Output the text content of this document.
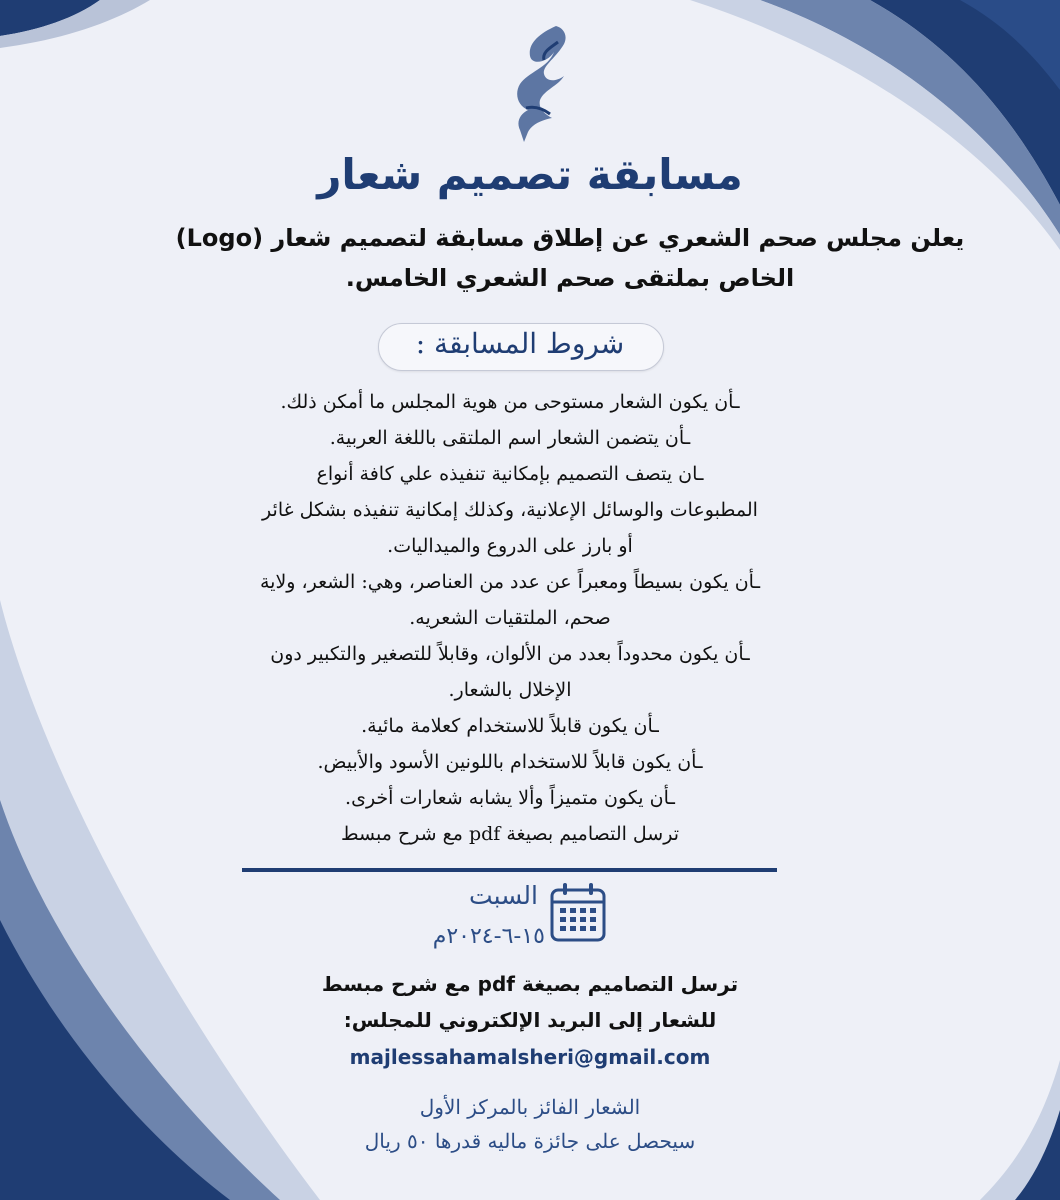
مسابقة تصميم شعار

يعلن مجلس صحم الشعري عن إطلاق مسابقة لتصميم شعار (Logo)

الخاص بملتقى صحم الشعري الخامس.

شروط المسابقة :

ـأن يكون الشعار مستوحى من هوية المجلس ما أمكن ذلك.

ـأن يتضمن الشعار اسم الملتقى باللغة العربية.

ـان يتصف التصميم بإمكانية تنفيذه علي كافة أنواع

المطبوعات والوسائل الإعلانية، وكذلك إمكانية تنفيذه بشكل غائر

أو بارز على الدروع والميداليات.

ـأن يكون بسيطاً ومعبراً عن عدد من العناصر، وهي: الشعر، ولاية

صحم، الملتقيات الشعريه.

ـأن يكون محدوداً بعدد من الألوان، وقابلاً للتصغير والتكبير دون

الإخلال بالشعار.

ـأن يكون قابلاً للاستخدام كعلامة مائية.

ـأن يكون قابلاً للاستخدام باللونين الأسود والأبيض.

ـأن يكون متميزاً وألا يشابه شعارات أخرى.

ترسل التصاميم بصيغة pdf مع شرح مبسط

السبت
١٥-٦-٢٠٢٤م

ترسل التصاميم بصيغة pdf مع شرح مبسط

للشعار إلى البريد الإلكتروني للمجلس:

majlessahamalsheri@gmail.com

الشعار الفائز بالمركز الأول

سيحصل على جائزة ماليه قدرها ٥٠ ريال
